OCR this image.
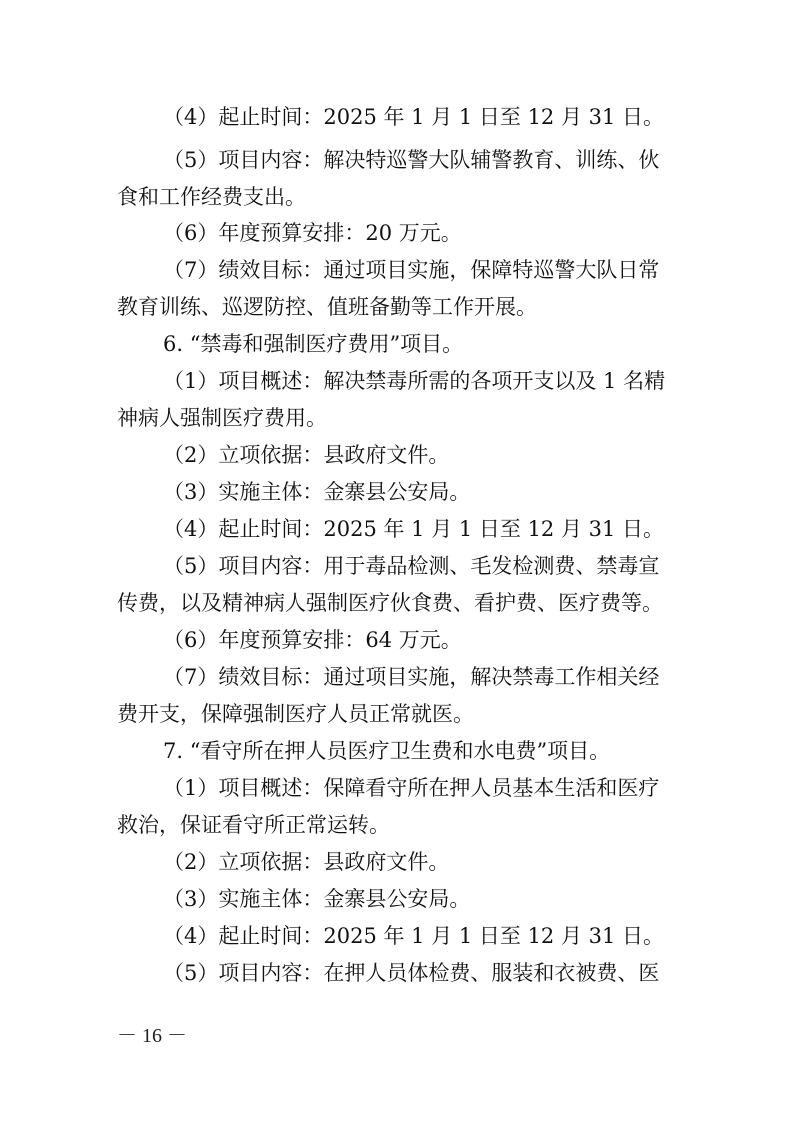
（4）起止时间：2025 年 1 月 1 日至 12 月 31 日。
（5）项目内容：解决特巡警大队辅警教育、训练、伙
食和工作经费支出。
（6）年度预算安排：20 万元。
（7）绩效目标：通过项目实施，保障特巡警大队日常
教育训练、巡逻防控、值班备勤等工作开展。
6. “禁毒和强制医疗费用”项目。
（1）项目概述：解决禁毒所需的各项开支以及 1 名精
神病人强制医疗费用。
（2）立项依据：县政府文件。
（3）实施主体：金寨县公安局。
（4）起止时间：2025 年 1 月 1 日至 12 月 31 日。
（5）项目内容：用于毒品检测、毛发检测费、禁毒宣
传费，以及精神病人强制医疗伙食费、看护费、医疗费等。
（6）年度预算安排：64 万元。
（7）绩效目标：通过项目实施，解决禁毒工作相关经
费开支，保障强制医疗人员正常就医。
7. “看守所在押人员医疗卫生费和水电费”项目。
（1）项目概述：保障看守所在押人员基本生活和医疗
救治，保证看守所正常运转。
（2）立项依据：县政府文件。
（3）实施主体：金寨县公安局。
（4）起止时间：2025 年 1 月 1 日至 12 月 31 日。
（5）项目内容：在押人员体检费、服装和衣被费、医
－ 16 －
